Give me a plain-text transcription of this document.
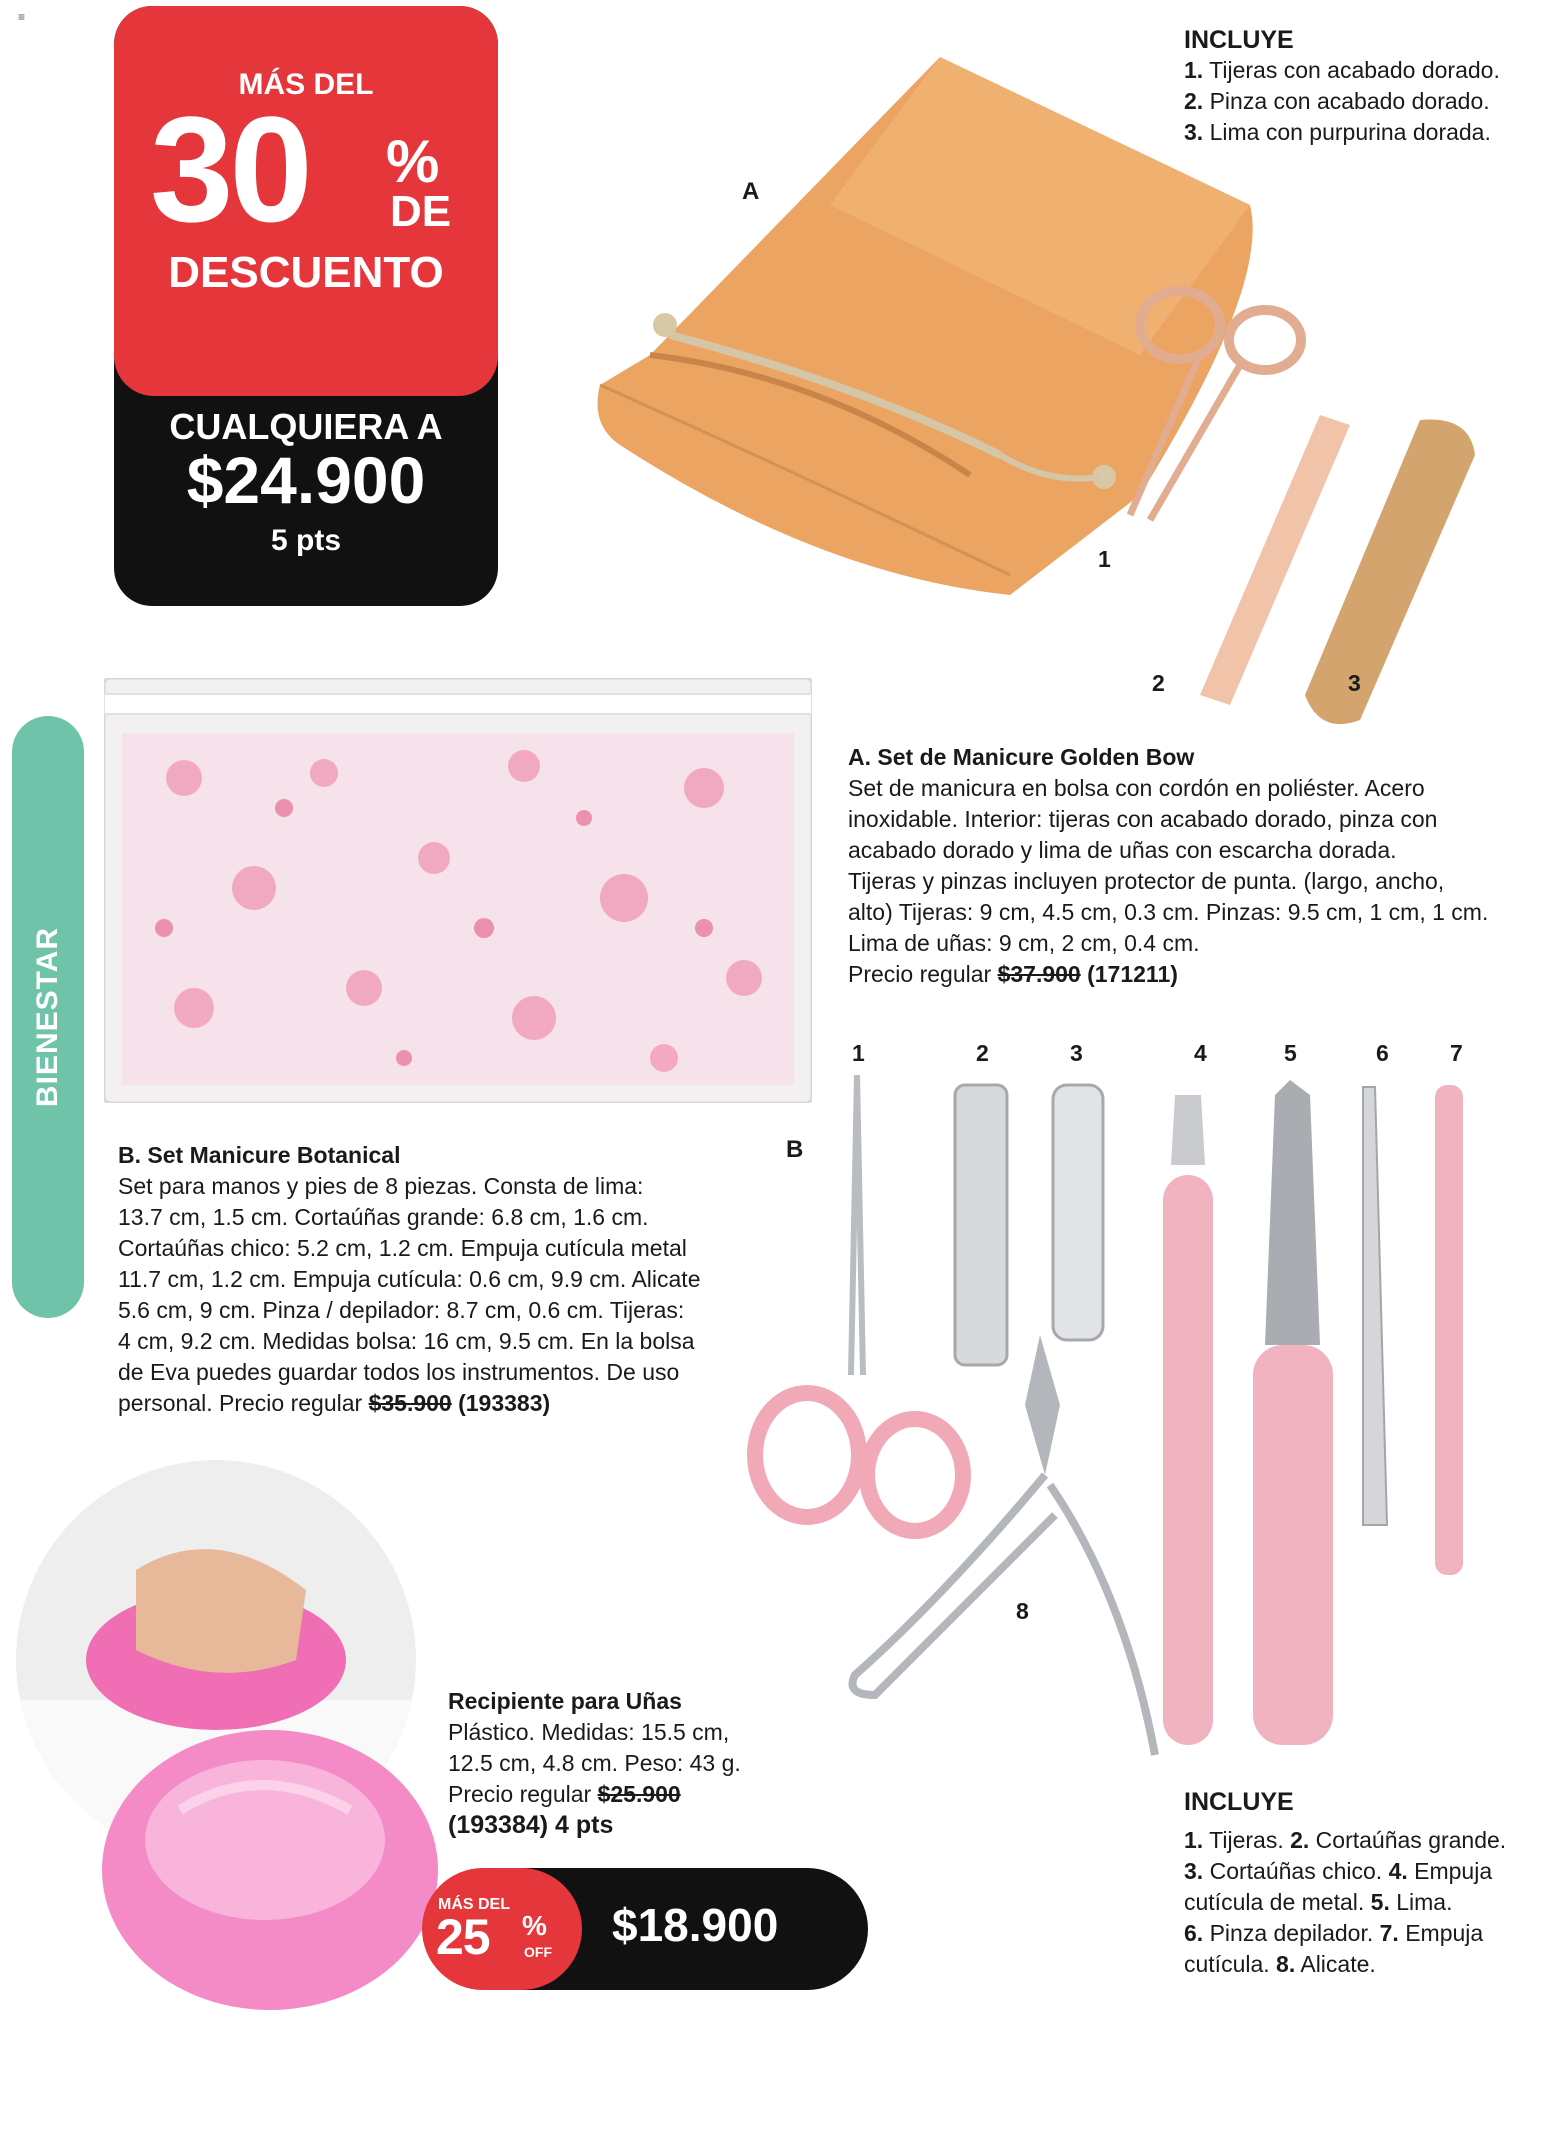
≡
MÁS DEL
30 %
DE
DESCUENTO
CUALQUIERA A
$24.900
5 pts
A
1
2	3
INCLUYE
1. Tijeras con acabado dorado.
2. Pinza con acabado dorado.
3. Lima con purpurina dorada.
BIENESTAR
A. Set de Manicure Golden Bow
Set de manicura en bolsa con cordón en poliéster. Acero
inoxidable. Interior: tijeras con acabado dorado, pinza con
acabado dorado y lima de uñas con escarcha dorada.
Tijeras y pinzas incluyen protector de punta. (largo, ancho,
alto) Tijeras: 9 cm, 4.5 cm, 0.3 cm. Pinzas: 9.5 cm, 1 cm, 1 cm.
Lima de uñas: 9 cm, 2 cm, 0.4 cm.
Precio regular $37.900 (171211)
B
1	2	3	4	5	6	7
8
B. Set Manicure Botanical
Set para manos y pies de 8 piezas. Consta de lima:
13.7 cm, 1.5 cm. Cortaúñas grande: 6.8 cm, 1.6 cm.
Cortaúñas chico: 5.2 cm, 1.2 cm. Empuja cutícula metal
11.7 cm, 1.2 cm. Empuja cutícula: 0.6 cm, 9.9 cm. Alicate
5.6 cm, 9 cm. Pinza / depilador: 8.7 cm, 0.6 cm. Tijeras:
4 cm, 9.2 cm. Medidas bolsa: 16 cm, 9.5 cm. En la bolsa
de Eva puedes guardar todos los instrumentos. De uso
personal. Precio regular $35.900 (193383)
Recipiente para Uñas
Plástico. Medidas: 15.5 cm,
12.5 cm, 4.8 cm. Peso: 43 g.
Precio regular $25.900
(193384) 4 pts
MÁS DEL
25 %
OFF
$18.900
INCLUYE
1. Tijeras. 2. Cortaúñas grande.
3. Cortaúñas chico. 4. Empuja
cutícula de metal. 5. Lima.
6. Pinza depilador. 7. Empuja
cutícula. 8. Alicate.
